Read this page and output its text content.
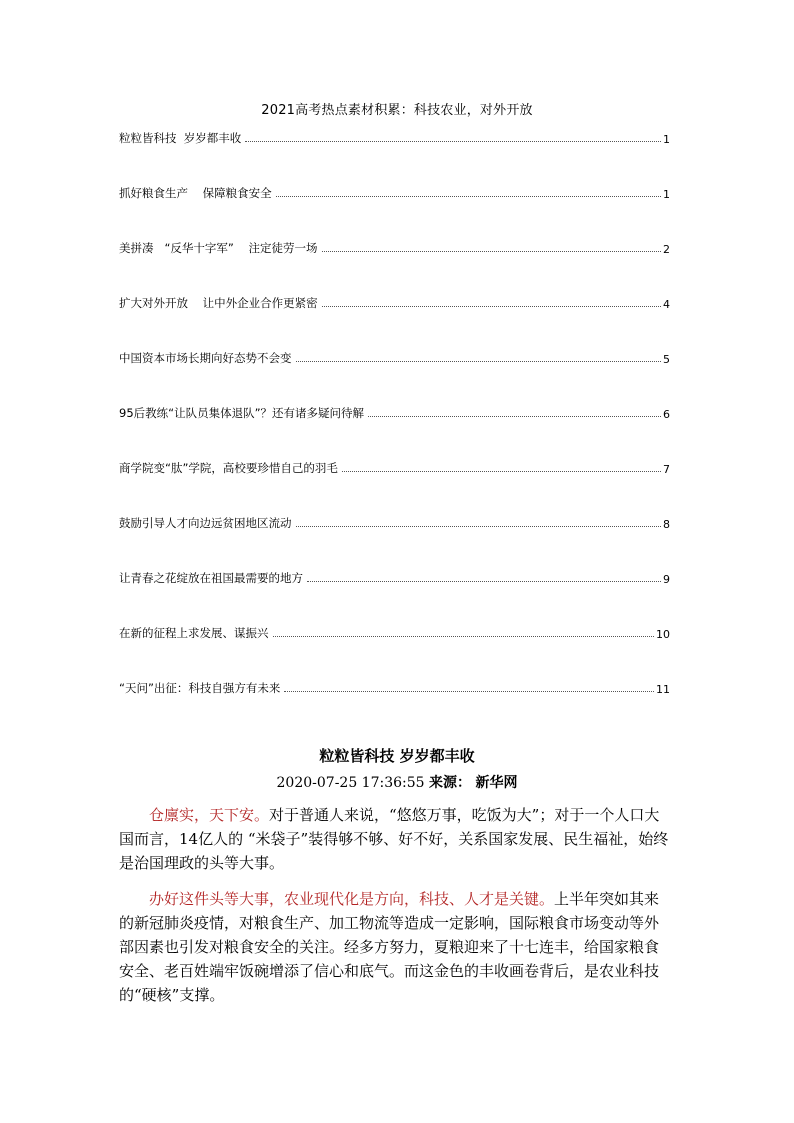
2021高考热点素材积累：科技农业，对外开放
粒粒皆科技  岁岁都丰收	1
抓好粮食生产    保障粮食安全	1
美拼凑   “反华十字军”    注定徒劳一场	2
扩大对外开放    让中外企业合作更紧密	4
中国资本市场长期向好态势不会变	5
95后教练“让队员集体退队”？还有诸多疑问待解	6
商学院变“肽”学院，高校要珍惜自己的羽毛	7
鼓励引导人才向边远贫困地区流动	8
让青春之花绽放在祖国最需要的地方	9
在新的征程上求发展、谋振兴	10
“天问”出征：科技自强方有未来	11
粒粒皆科技 岁岁都丰收
2020-07-25 17:36:55 来源： 新华网

仓廪实，天下安。对于普通人来说，“悠悠万事，吃饭为大”；对于一个人口大国而言，14亿人的 “米袋子”装得够不够、好不好，关系国家发展、民生福祉，始终是治国理政的头等大事。

办好这件头等大事，农业现代化是方向，科技、人才是关键。上半年突如其来的新冠肺炎疫情，对粮食生产、加工物流等造成一定影响，国际粮食市场变动等外部因素也引发对粮食安全的关注。经多方努力，夏粮迎来了十七连丰，给国家粮食安全、老百姓端牢饭碗增添了信心和底气。而这金色的丰收画卷背后，是农业科技的“硬核”支撑。
